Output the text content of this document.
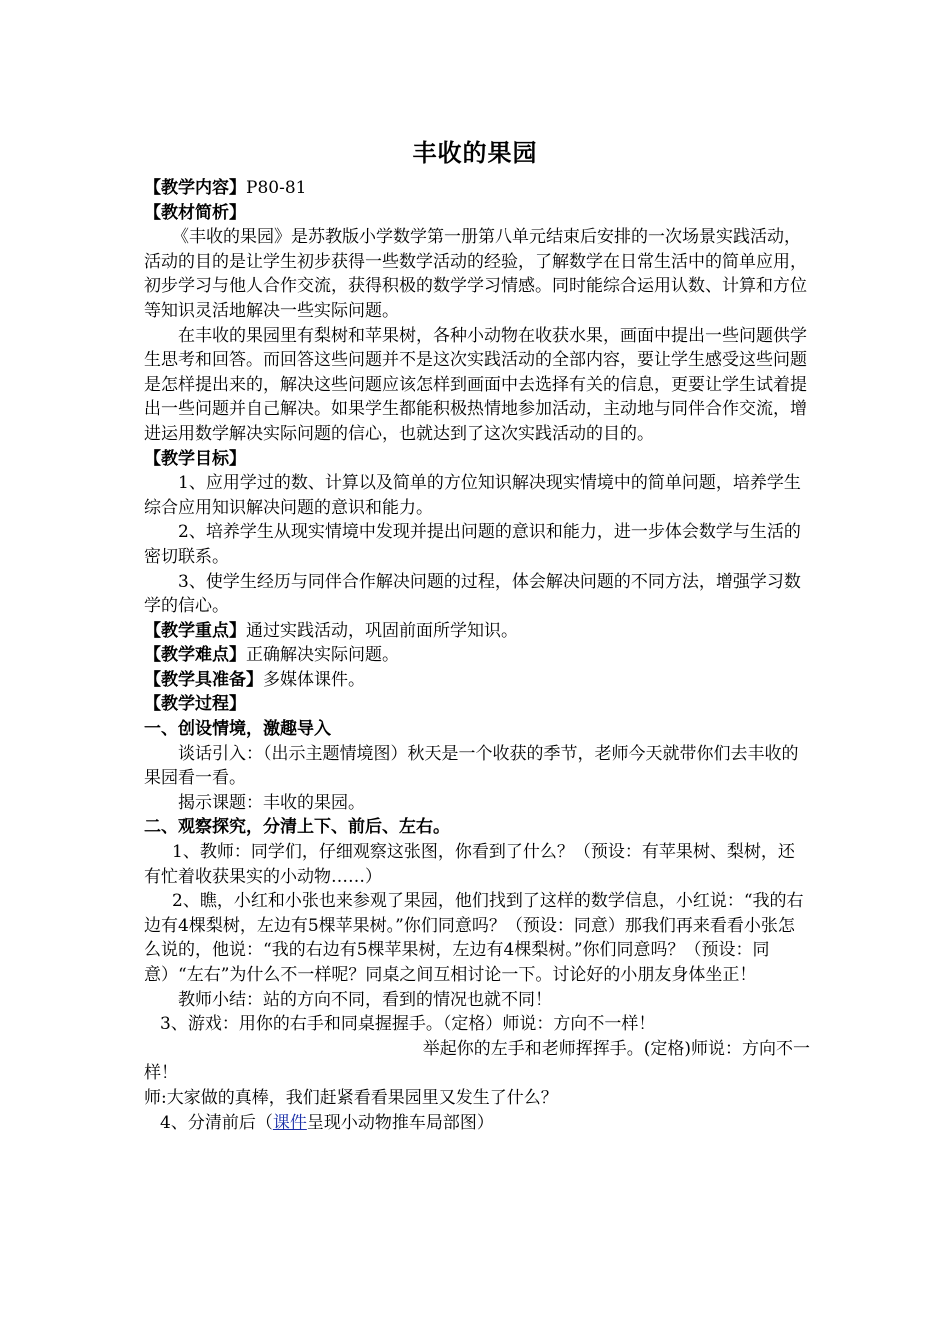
丰收的果园

【教学内容】P80-81

【教材简析】

《丰收的果园》是苏教版小学数学第一册第八单元结束后安排的一次场景实践活动，活动的目的是让学生初步获得一些数学活动的经验，了解数学在日常生活中的简单应用，初步学习与他人合作交流，获得积极的数学学习情感。同时能综合运用认数、计算和方位等知识灵活地解决一些实际问题。

在丰收的果园里有梨树和苹果树，各种小动物在收获水果，画面中提出一些问题供学生思考和回答。而回答这些问题并不是这次实践活动的全部内容，要让学生感受这些问题是怎样提出来的，解决这些问题应该怎样到画面中去选择有关的信息，更要让学生试着提出一些问题并自己解决。如果学生都能积极热情地参加活动，主动地与同伴合作交流，增进运用数学解决实际问题的信心，也就达到了这次实践活动的目的。

【教学目标】

1、应用学过的数、计算以及简单的方位知识解决现实情境中的简单问题，培养学生综合应用知识解决问题的意识和能力。

2、培养学生从现实情境中发现并提出问题的意识和能力，进一步体会数学与生活的密切联系。

3、使学生经历与同伴合作解决问题的过程，体会解决问题的不同方法，增强学习数学的信心。

【教学重点】通过实践活动，巩固前面所学知识。

【教学难点】正确解决实际问题。

【教学具准备】多媒体课件。

【教学过程】

一、创设情境，激趣导入

谈话引入：（出示主题情境图）秋天是一个收获的季节，老师今天就带你们去丰收的果园看一看。

揭示课题：丰收的果园。

二、观察探究，分清上下、前后、左右。

1、教师：同学们，仔细观察这张图，你看到了什么？（预设：有苹果树、梨树，还有忙着收获果实的小动物……）

2、瞧，小红和小张也来参观了果园，他们找到了这样的数学信息，小红说：“我的右边有4棵梨树，左边有5棵苹果树。”你们同意吗？（预设：同意）那我们再来看看小张怎么说的，他说：“我的右边有5棵苹果树，左边有4棵梨树。”你们同意吗？（预设：同意）“左右”为什么不一样呢？同桌之间互相讨论一下。讨论好的小朋友身体坐正！

教师小结：站的方向不同，看到的情况也就不同！

3、游戏：用你的右手和同桌握握手。（定格）师说：方向不一样！

举起你的左手和老师挥挥手。(定格)师说：方向不一

样！

师:大家做的真棒，我们赶紧看看果园里又发生了什么？

4、分清前后（课件呈现小动物推车局部图）
